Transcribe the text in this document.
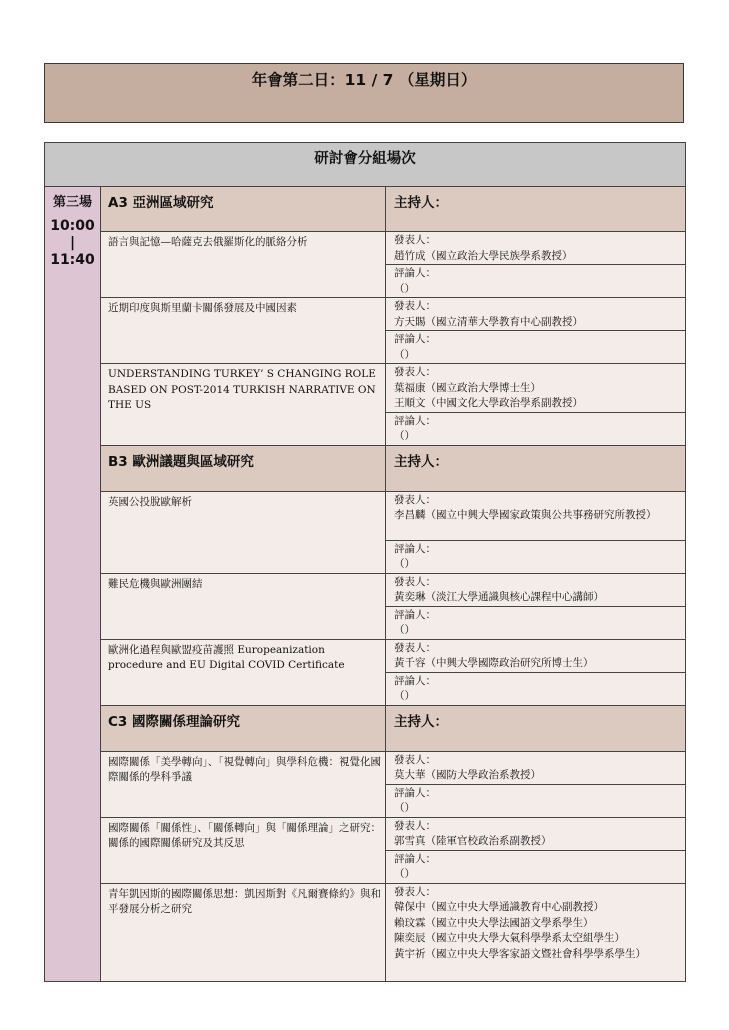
年會第二日：11 / 7 （星期日）
研討會分組場次		

第三場
10:00
|
11:40	A3 亞洲區域研究	主持人：

	語言與記憶—哈薩克去俄羅斯化的脈絡分析	發表人：
趙竹成（國立政治大學民族學系教授）

		評論人：
（）

	近期印度與斯里蘭卡關係發展及中國因素	發表人：
方天賜（國立清華大學教育中心副教授）

		評論人：
（）

	UNDERSTANDING TURKEY’ S CHANGING ROLE BASED ON POST-2014 TURKISH NARRATIVE ON THE US	發表人：
葉福康（國立政治大學博士生）
王順文（中國文化大學政治學系副教授）

		評論人：
（）

	B3 歐洲議題與區域研究	主持人：

	英國公投脫歐解析	發表人：
李昌麟（國立中興大學國家政策與公共事務研究所教授）

		評論人：
（）

	難民危機與歐洲團結	發表人：
黃奕琳（淡江大學通識與核心課程中心講師）

		評論人：
（）

	歐洲化過程與歐盟疫苗護照 Europeanization procedure and EU Digital COVID Certificate	發表人：
黃千容（中興大學國際政治研究所博士生）

		評論人：
（）

	C3 國際關係理論研究	主持人：

	國際關係「美學轉向」、「視覺轉向」與學科危機：視覺化國際關係的學科爭議	發表人：
莫大華（國防大學政治系教授）

		評論人：
（）

	國際關係「關係性」、「關係轉向」與「關係理論」之研究：關係的國際關係研究及其反思	發表人：
郭雪真（陸軍官校政治系副教授）

		評論人：
（）

	青年凱因斯的國際關係思想：凱因斯對《凡爾賽條約》與和平發展分析之研究	發表人：
韓保中（國立中央大學通識教育中心副教授）
賴玟霖（國立中央大學法國語文學系學生）
陳奕辰（國立中央大學大氣科學學系太空組學生）
黃宇祈（國立中央大學客家語文暨社會科學學系學生）
